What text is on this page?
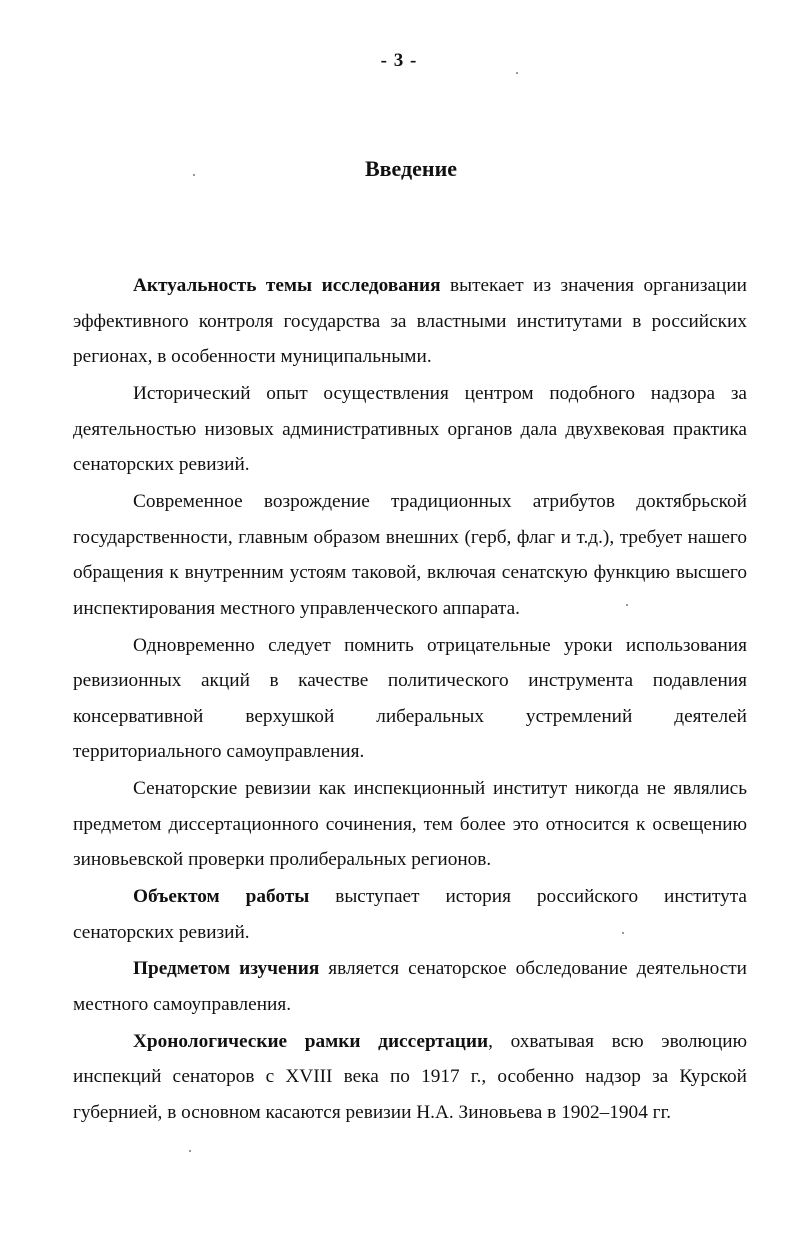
- 3 -
Введение

Актуальность темы исследования вытекает из значения организации эффективного контроля государства за властными институтами в российских регионах, в особенности муниципальными.

Исторический опыт осуществления центром подобного надзора за деятельностью низовых административных органов дала двухвековая практика сенаторских ревизий.

Современное возрождение традиционных атрибутов доктябрьской государственности, главным образом внешних (герб, флаг и т.д.), требует нашего обращения к внутренним устоям таковой, включая сенатскую функцию высшего инспектирования местного управленческого аппарата.

Одновременно следует помнить отрицательные уроки использования ревизионных акций в качестве политического инструмента подавления консервативной верхушкой либеральных устремлений деятелей территориального самоуправления.

Сенаторские ревизии как инспекционный институт никогда не являлись предметом диссертационного сочинения, тем более это относится к освещению зиновьевской проверки пролиберальных регионов.

Объектом работы выступает история российского института сенаторских ревизий.

Предметом изучения является сенаторское обследование деятельности местного самоуправления.

Хронологические рамки диссертации, охватывая всю эволюцию инспекций сенаторов с XVIII века по 1917 г., особенно надзор за Курской губернией, в основном касаются ревизии Н.А. Зиновьева в 1902–1904 гг.
